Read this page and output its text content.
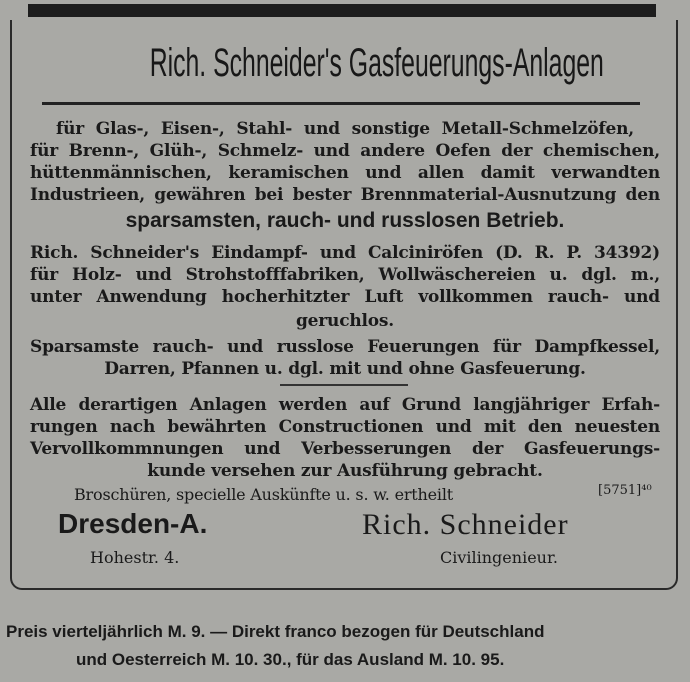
Rich. Schneider's Gasfeuerungs-Anlagen
für Glas-, Eisen-, Stahl- und sonstige Metall-Schmelzöfen,
für Brenn-, Glüh-, Schmelz- und andere Oefen der chemischen,
hüttenmännischen, keramischen und allen damit verwandten
Industrieen, gewähren bei bester Brennmaterial-Ausnutzung den
sparsamsten, rauch- und russlosen Betrieb.
Rich. Schneider's Eindampf- und Calciniröfen (D. R. P. 34392)
für Holz- und Strohstofffabriken, Wollwäschereien u. dgl. m.,
unter Anwendung hocherhitzter Luft vollkommen rauch- und
geruchlos.
Sparsamste rauch- und russlose Feuerungen für Dampfkessel,
Darren, Pfannen u. dgl. mit und ohne Gasfeuerung.
Alle derartigen Anlagen werden auf Grund langjähriger Erfah-
rungen nach bewährten Constructionen und mit den neuesten
Vervollkommnungen und Verbesserungen der Gasfeuerungs-
kunde versehen zur Ausführung gebracht.
Broschüren, specielle Auskünfte u. s. w. ertheilt	[5751]⁴⁰
Dresden-A.	Rich. Schneider
Hohestr. 4.	Civilingenieur.
Preis vierteljährlich M. 9. — Direkt franco bezogen für Deutschland
und Oesterreich M. 10. 30., für das Ausland M. 10. 95.
